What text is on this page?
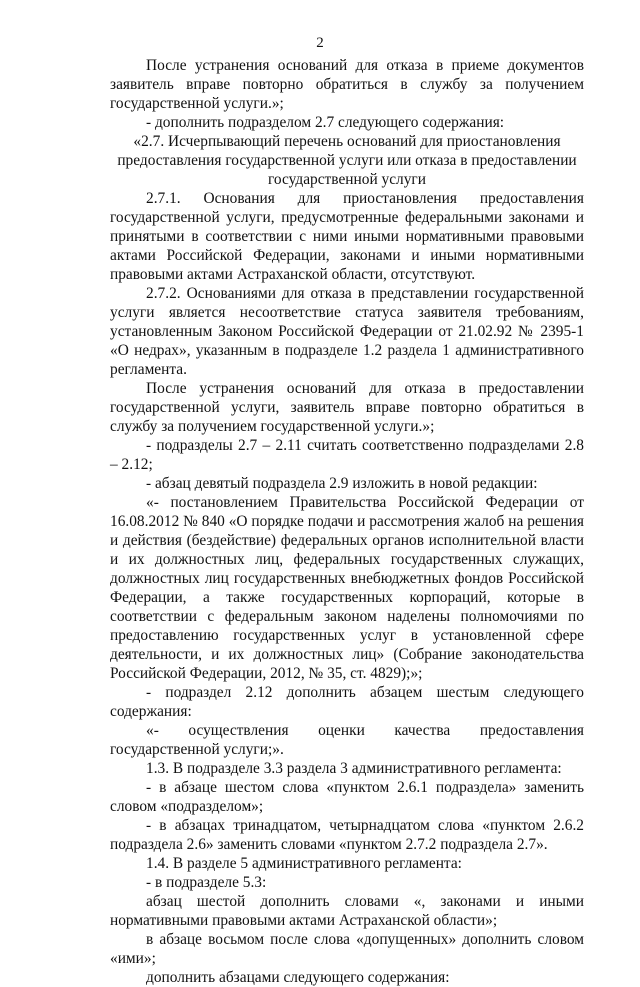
2

После устранения оснований для отказа в приеме документов заявитель вправе повторно обратиться в службу за получением государственной услуги.»;

- дополнить подразделом 2.7 следующего содержания:

«2.7. Исчерпывающий перечень оснований для приостановления предоставления государственной услуги или отказа в предоставлении государственной услуги

2.7.1. Основания для приостановления предоставления государственной услуги, предусмотренные федеральными законами и принятыми в соответствии с ними иными нормативными правовыми актами Российской Федерации, законами и иными нормативными правовыми актами Астраханской области, отсутствуют.

2.7.2. Основаниями для отказа в представлении государственной услуги является несоответствие статуса заявителя требованиям, установленным Законом Российской Федерации от 21.02.92 № 2395-1 «О недрах», указанным в подразделе 1.2 раздела 1 административного регламента.

После устранения оснований для отказа в предоставлении государственной услуги, заявитель вправе повторно обратиться в службу за получением государственной услуги.»;

- подразделы 2.7 – 2.11 считать соответственно подразделами 2.8 – 2.12;

- абзац девятый подраздела 2.9 изложить в новой редакции:

«- постановлением Правительства Российской Федерации от 16.08.2012 № 840 «О порядке подачи и рассмотрения жалоб на решения и действия (бездействие) федеральных органов исполнительной власти и их должностных лиц, федеральных государственных служащих, должностных лиц государственных внебюджетных фондов Российской Федерации, а также государственных корпораций, которые в соответствии с федеральным законом наделены полномочиями по предоставлению государственных услуг в установленной сфере деятельности, и их должностных лиц» (Собрание законодательства Российской Федерации, 2012, № 35, ст. 4829);»;

- подраздел 2.12 дополнить абзацем шестым следующего содержания:

«- осуществления оценки качества предоставления государственной услуги;».

1.3. В подразделе 3.3 раздела 3 административного регламента:

- в абзаце шестом слова «пунктом 2.6.1 подраздела» заменить словом «подразделом»;

- в абзацах тринадцатом, четырнадцатом слова «пунктом 2.6.2 подраздела 2.6» заменить словами «пунктом 2.7.2 подраздела 2.7».

1.4. В разделе 5 административного регламента:

- в подразделе 5.3:

абзац шестой дополнить словами «, законами и иными нормативными правовыми актами Астраханской области»;

в абзаце восьмом после слова «допущенных» дополнить словом «ими»;

дополнить абзацами следующего содержания:
